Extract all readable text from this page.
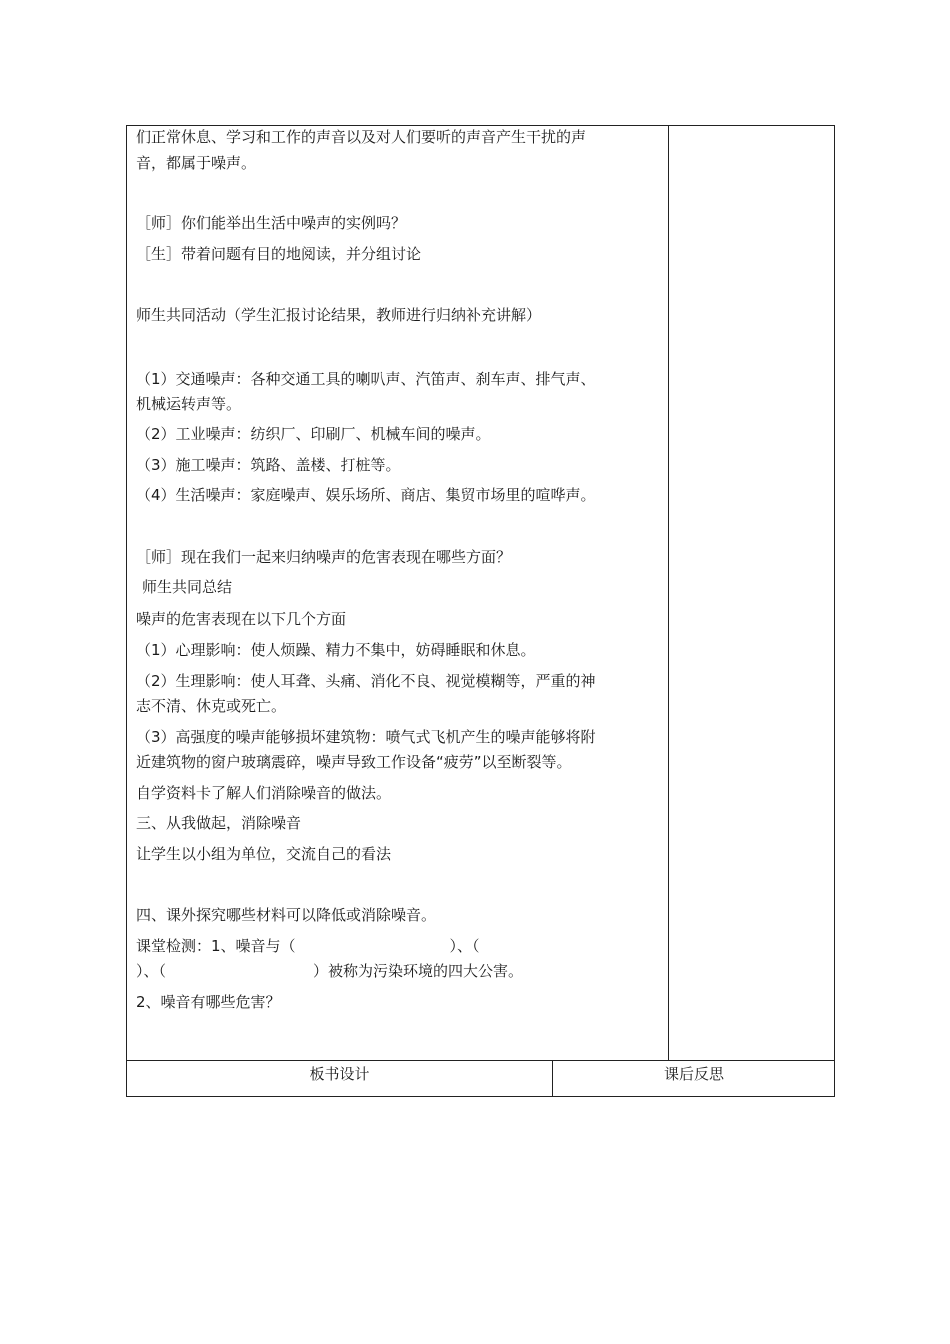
板书设计	课后反思
们正常休息、学习和工作的声音以及对人们要听的声音产生干扰的声
音，都属于噪声。
［师］你们能举出生活中噪声的实例吗？
［生］带着问题有目的地阅读，并分组讨论
师生共同活动（学生汇报讨论结果，教师进行归纳补充讲解）
（1）交通噪声：各种交通工具的喇叭声、汽笛声、刹车声、排气声、
机械运转声等。
（2）工业噪声：纺织厂、印刷厂、机械车间的噪声。
（3）施工噪声：筑路、盖楼、打桩等。
（4）生活噪声：家庭噪声、娱乐场所、商店、集贸市场里的喧哗声。
［师］现在我们一起来归纳噪声的危害表现在哪些方面？
师生共同总结
噪声的危害表现在以下几个方面
（1）心理影响：使人烦躁、精力不集中，妨碍睡眠和休息。
（2）生理影响：使人耳聋、头痛、消化不良、视觉模糊等，严重的神
志不清、休克或死亡。
（3）高强度的噪声能够损坏建筑物：喷气式飞机产生的噪声能够将附
近建筑物的窗户玻璃震碎，噪声导致工作设备“疲劳”以至断裂等。
自学资料卡了解人们消除噪音的做法。
三、从我做起，消除噪音
让学生以小组为单位，交流自己的看法
四、课外探究哪些材料可以降低或消除噪音。
课堂检测：1、噪音与（	）、（
）、（	）被称为污染环境的四大公害。
2、噪音有哪些危害？
